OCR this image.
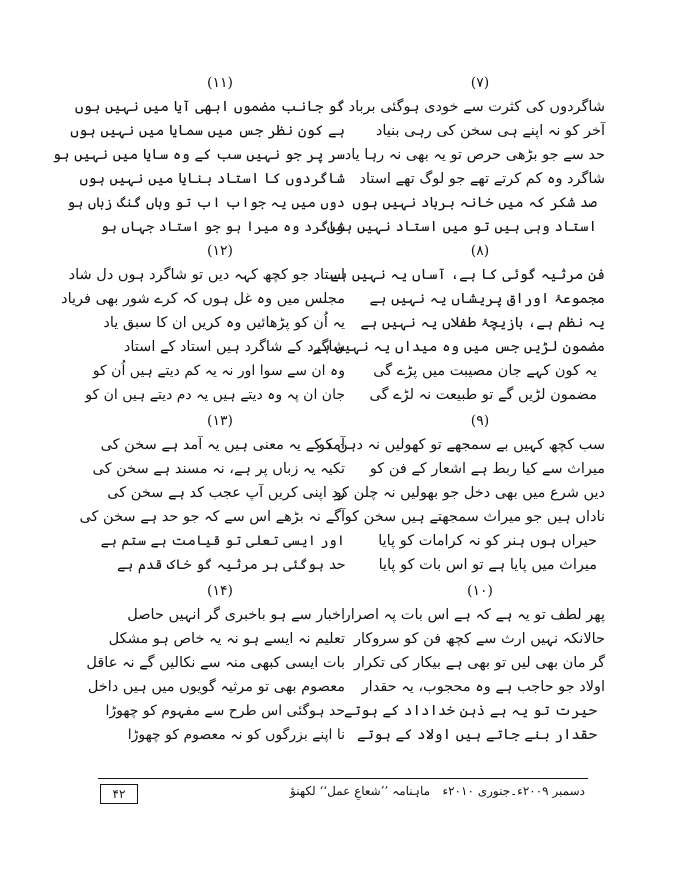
(۷)
شاگردوں کی کثرت سے خودی ہوگئی برباد
آخر کو نہ اپنے ہی سخن کی رہی بنیاد
حد سے جو بڑھی حرص تو یہ بھی نہ رہا یاد
شاگرد وہ کم کرتے تھے جو لوگ تھے استاد
صد شکر کہ میں خانہ برباد نہیں ہوں
استاد وہی ہیں تو میں استاد نہیں ہوں
(۸)
فن مرثیہ گوئی کا ہے، آساں یہ نہیں ہے
مجموعۂ اوراق پریشاں یہ نہیں ہے
یہ نظم ہے، بازیچۂ طفلاں یہ نہیں ہے
مضمون لڑیں جس میں وہ میداں یہ نہیں ہے
یہ کون کہے جان مصیبت میں پڑے گی
مضمون لڑیں گے تو طبیعت نہ لڑے گی
(۹)
سب کچھ کہیں بے سمجھے تو کھولیں نہ دہن کو
میراث سے کیا ربط ہے اشعار کے فن کو
دیں شرع میں بھی دخل جو بھولیں نہ چلن کو
ناداں ہیں جو میراث سمجھتے ہیں سخن کو
حیراں ہوں ہنر کو نہ کرامات کو پایا
میراث میں پایا ہے تو اس بات کو پایا
(۱۰)
پھر لطف تو یہ ہے کہ ہے اس بات پہ اصرار
حالانکہ نہیں ارث سے کچھ فن کو سروکار
گر مان بھی لیں تو بھی ہے بیکار کی تکرار
اولاد جو حاجب ہے وہ محجوب، یہ حقدار
حیرت تو یہ ہے ذہن خداداد کے ہوتے
حقدار بنے جاتے ہیں اولاد کے ہوتے
(۱۱)
گو جانب مضموں ابھی آیا میں نہیں ہوں
ہے کون نظر جس میں سمایا میں نہیں ہوں
سر پر جو نہیں سب کے وہ سایا میں نہیں ہو
شاگردوں کا استاد بنایا میں نہیں ہوں
دوں میں یہ جواب اب تو وہاں گنگ زباں ہو
شاگرد وہ میرا ہو جو استاد جہاں ہو
(۱۲)
استاد جو کچھ کہہ دیں تو شاگرد ہوں دل شاد
مجلس میں وہ غل ہوں کہ کرے شور بھی فریاد
یہ اُن کو پڑھائیں وہ کریں ان کا سبق یاد
شاگرد کے شاگرد ہیں استاد کے استاد
وہ ان سے سوا اور نہ یہ کم دیتے ہیں اُن کو
جان ان پہ وہ دیتے ہیں یہ دم دیتے ہیں ان کو
(۱۳)
آمد کے یہ معنی ہیں یہ آمد ہے سخن کی
تکیہ یہ زباں پر ہے، نہ مسند ہے سخن کی
رد اپنی کریں آپ عجب کد ہے سخن کی
آگے نہ بڑھے اس سے کہ جو حد ہے سخن کی
اور ایسی تعلی تو قیامت ہے ستم ہے
حد ہوگئی ہر مرثیہ گو خاک قدم ہے
(۱۴)
اخبار سے ہو باخبری گر انہیں حاصل
تعلیم نہ ایسے ہو نہ یہ خاص ہو مشکل
بات ایسی کبھی منہ سے نکالیں گے نہ عاقل
معصوم بھی تو مرثیہ گویوں میں ہیں داخل
حد ہوگئی اس طرح سے مفہوم کو چھوڑا
نا اپنے بزرگوں کو نہ معصوم کو چھوڑا
۴۲	ماہنامہ ’’شعاعِ عمل‘‘ لکھنؤ دسمبر ۲۰۰۹ء۔جنوری ۲۰۱۰ء
